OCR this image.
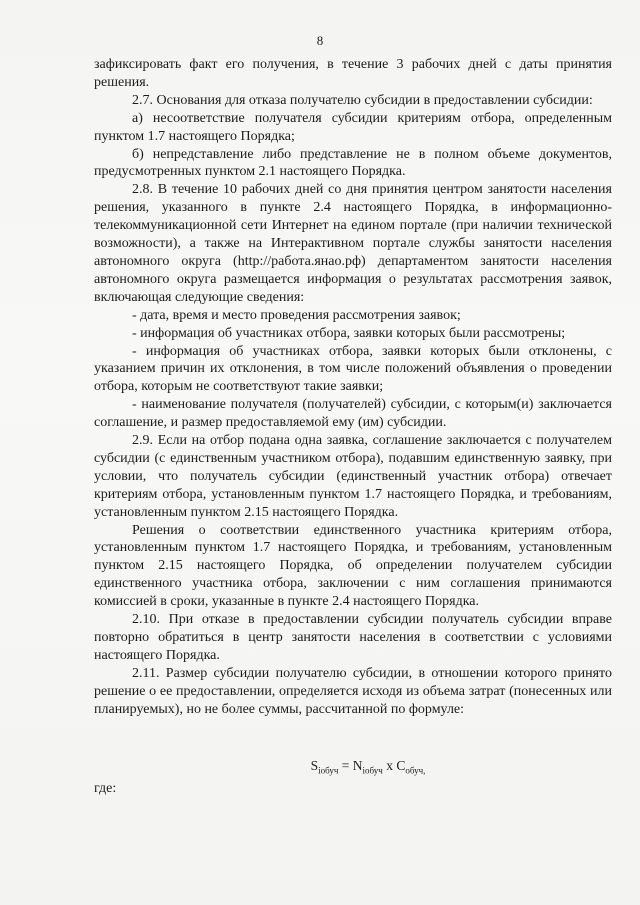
8

зафиксировать факт его получения, в течение 3 рабочих дней с даты принятия решения.

2.7. Основания для отказа получателю субсидии в предоставлении субсидии:

а) несоответствие получателя субсидии критериям отбора, определенным пунктом 1.7 настоящего Порядка;

б) непредставление либо представление не в полном объеме документов, предусмотренных пунктом 2.1 настоящего Порядка.

2.8. В течение 10 рабочих дней со дня принятия центром занятости населения решения, указанного в пункте 2.4 настоящего Порядка, в информационно-телекоммуникационной сети Интернет на едином портале (при наличии технической возможности), а также на Интерактивном портале службы занятости населения автономного округа (http://работа.янао.рф) департаментом занятости населения автономного округа размещается информация о результатах рассмотрения заявок, включающая следующие сведения:

- дата, время и место проведения рассмотрения заявок;

- информация об участниках отбора, заявки которых были рассмотрены;

- информация об участниках отбора, заявки которых были отклонены, с указанием причин их отклонения, в том числе положений объявления о проведении отбора, которым не соответствуют такие заявки;

- наименование получателя (получателей) субсидии, с которым(и) заключается соглашение, и размер предоставляемой ему (им) субсидии.

2.9. Если на отбор подана одна заявка, соглашение заключается с получателем субсидии (с единственным участником отбора), подавшим единственную заявку, при условии, что получатель субсидии (единственный участник отбора) отвечает критериям отбора, установленным пунктом 1.7 настоящего Порядка, и требованиям, установленным пунктом 2.15 настоящего Порядка.

Решения о соответствии единственного участника критериям отбора, установленным пунктом 1.7 настоящего Порядка, и требованиям, установленным пунктом 2.15 настоящего Порядка, об определении получателем субсидии единственного участника отбора, заключении с ним соглашения принимаются комиссией в сроки, указанные в пункте 2.4 настоящего Порядка.

2.10. При отказе в предоставлении субсидии получатель субсидии вправе повторно обратиться в центр занятости населения в соответствии с условиями настоящего Порядка.

2.11. Размер субсидии получателю субсидии, в отношении которого принято решение о ее предоставлении, определяется исходя из объема затрат (понесенных или планируемых), но не более суммы, рассчитанной по формуле:

$S_{iобуч} = N_{iобуч}$ x $C_{обуч,}$

где:
